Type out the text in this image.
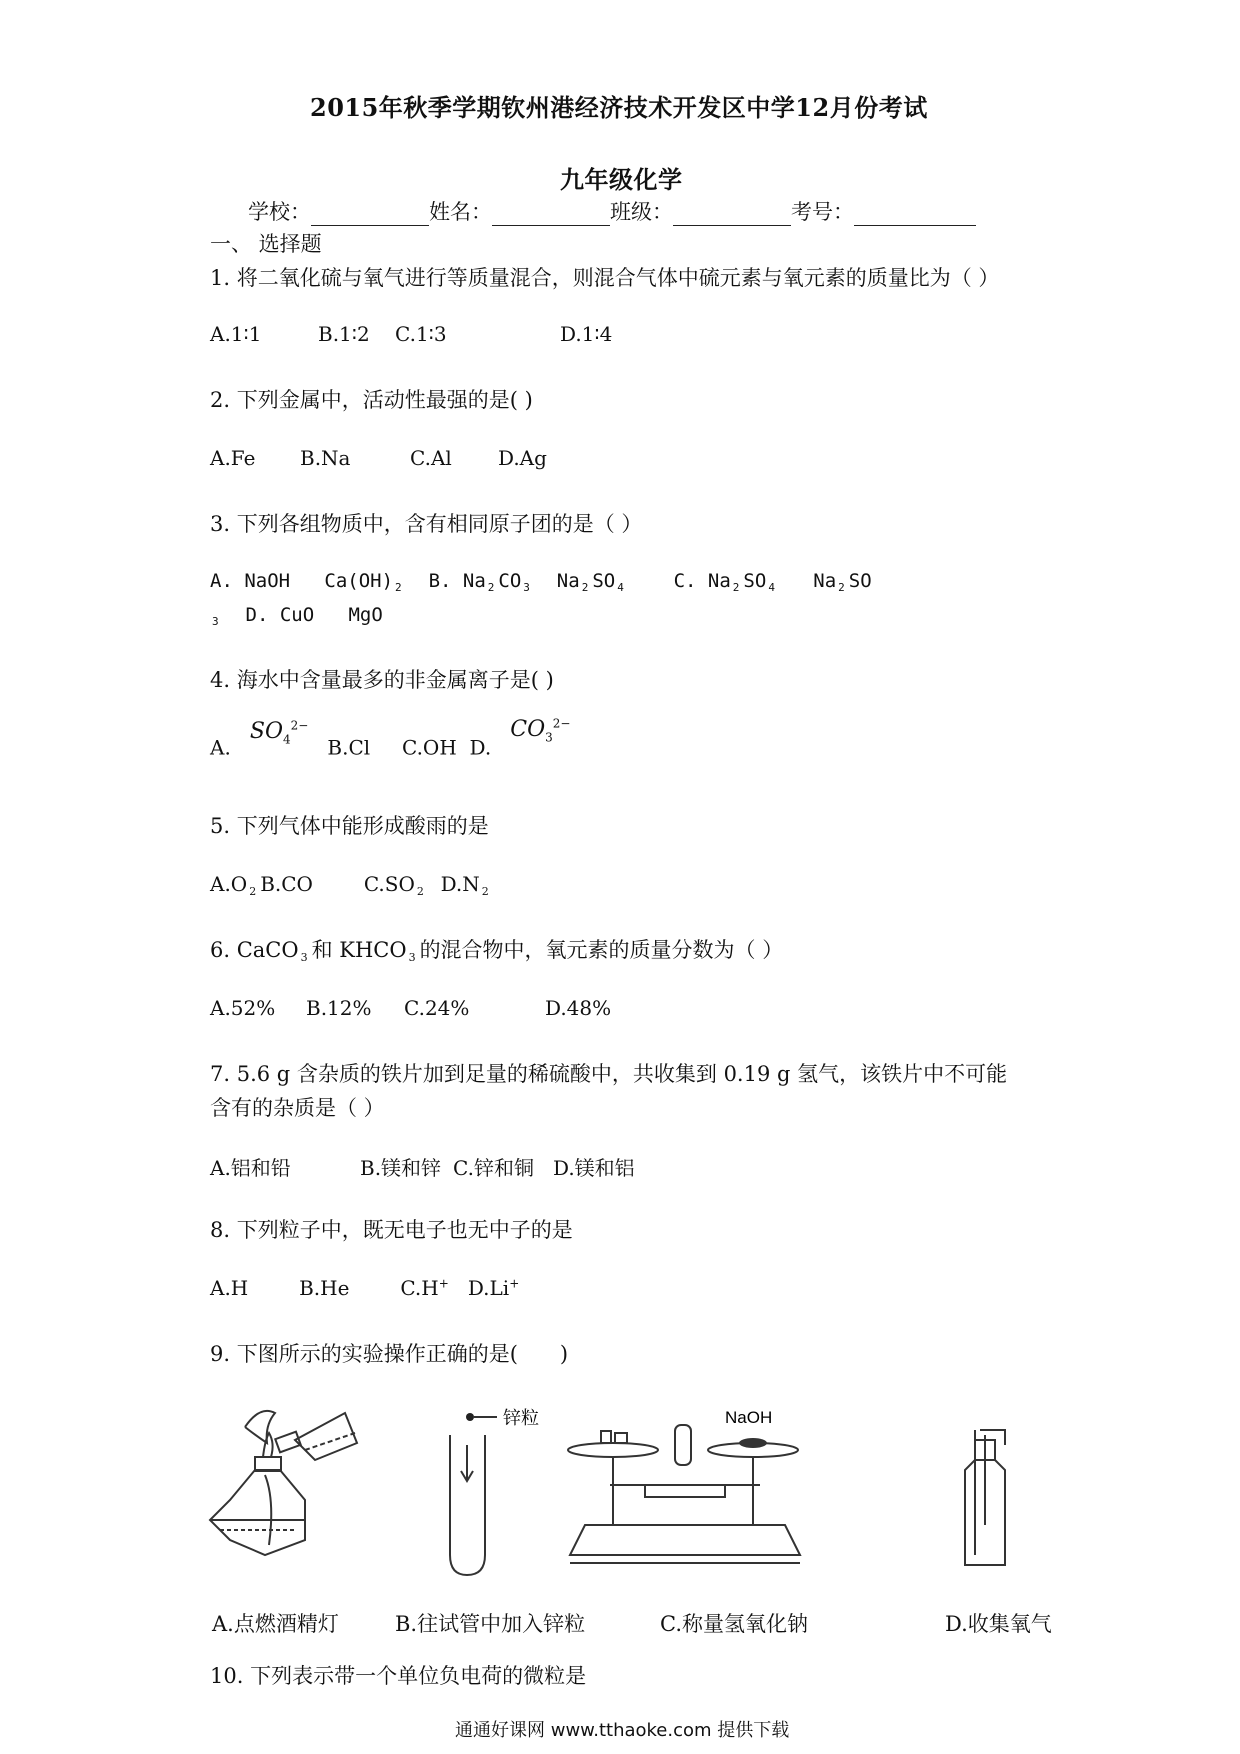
2015年秋季学期钦州港经济技术开发区中学12月份考试
九年级化学
学校：	姓名：	班级：	考号：
一、 选择题
1. 将二氧化硫与氧气进行等质量混合，则混合气体中硫元素与氧元素的质量比为（ ）
A.1∶1	B.1∶2 C.1∶3	D.1∶4
2. 下列金属中，活动性最强的是( )
A.Fe B.Na	C.Al D.Ag
3. 下列各组物质中，含有相同原子团的是（ ）
A. NaOH Ca(OH) $_2$ B. Na $_2$ CO $_3$ Na $_2$ SO $_4$	C. Na $_2$ SO $_4$ Na $_2$ SO
$_3$ D. CuO MgO
4. 海水中含量最多的非金属离子是( )
A.   $SO_4^{2-}$   B.Cl C.OH D.   $CO_3^{2-}$
5. 下列气体中能形成酸雨的是
A.O $_2$ B.CO	C.SO $_2$ D.N $_2$
6. CaCO $_3$ 和 KHCO $_3$ 的混合物中，氧元素的质量分数为（ ）
A.52% B.12% C.24%	D.48%
7. 5.6 g 含杂质的铁片加到足量的稀硫酸中，共收集到 0.19 g 氢气，该铁片中不可能
含有的杂质是（ ）
A.铝和铅	B.镁和锌 C.锌和铜 D.镁和铝
8. 下列粒子中，既无电子也无中子的是
A.H	B.He	C.H+ D.Li+
9. 下图所示的实验操作正确的是(　　)
锌粒	NaOH
A.点燃酒精灯	B.往试管中加入锌粒	C.称量氢氧化钠	D.收集氧气
10. 下列表示带一个单位负电荷的微粒是
通通好课网 www.tthaoke.com 提供下载
